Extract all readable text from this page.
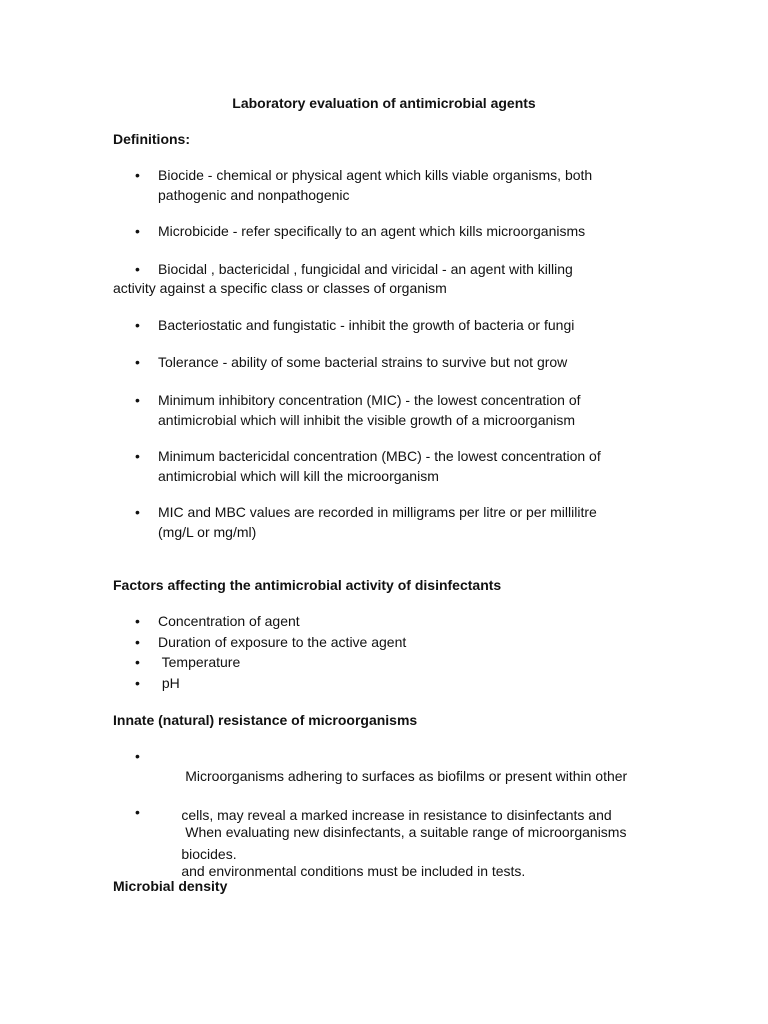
Laboratory evaluation of antimicrobial agents
Definitions:
•	Biocide - chemical or physical agent which kills viable organisms, both
pathogenic and nonpathogenic
•	Microbicide - refer specifically to an agent which kills microorganisms
• Biocidal , bactericidal , fungicidal and viricidal - an agent with killing
activity against a specific class or classes of organism
•	Bacteriostatic and fungistatic - inhibit the growth of bacteria or fungi
•	Tolerance - ability of some bacterial strains to survive but not grow
•	Minimum inhibitory concentration (MIC) - the lowest concentration of
antimicrobial which will inhibit the visible growth of a microorganism
•	Minimum bactericidal concentration (MBC) - the lowest concentration of
antimicrobial which will kill the microorganism
•	MIC and MBC values are recorded in milligrams per litre or per millilitre
(mg/L or mg/ml)
Factors affecting the antimicrobial activity of disinfectants
•	Concentration of agent
•	Duration of exposure to the active agent
•	Temperature
•	pH
Innate (natural) resistance of microorganisms
•

Microorganisms adhering to surfaces as biofilms or present within other

cells, may reveal a marked increase in resistance to disinfectants and

biocides.

•

When evaluating new disinfectants, a suitable range of microorganisms

and environmental conditions must be included in tests.

Microbial density
